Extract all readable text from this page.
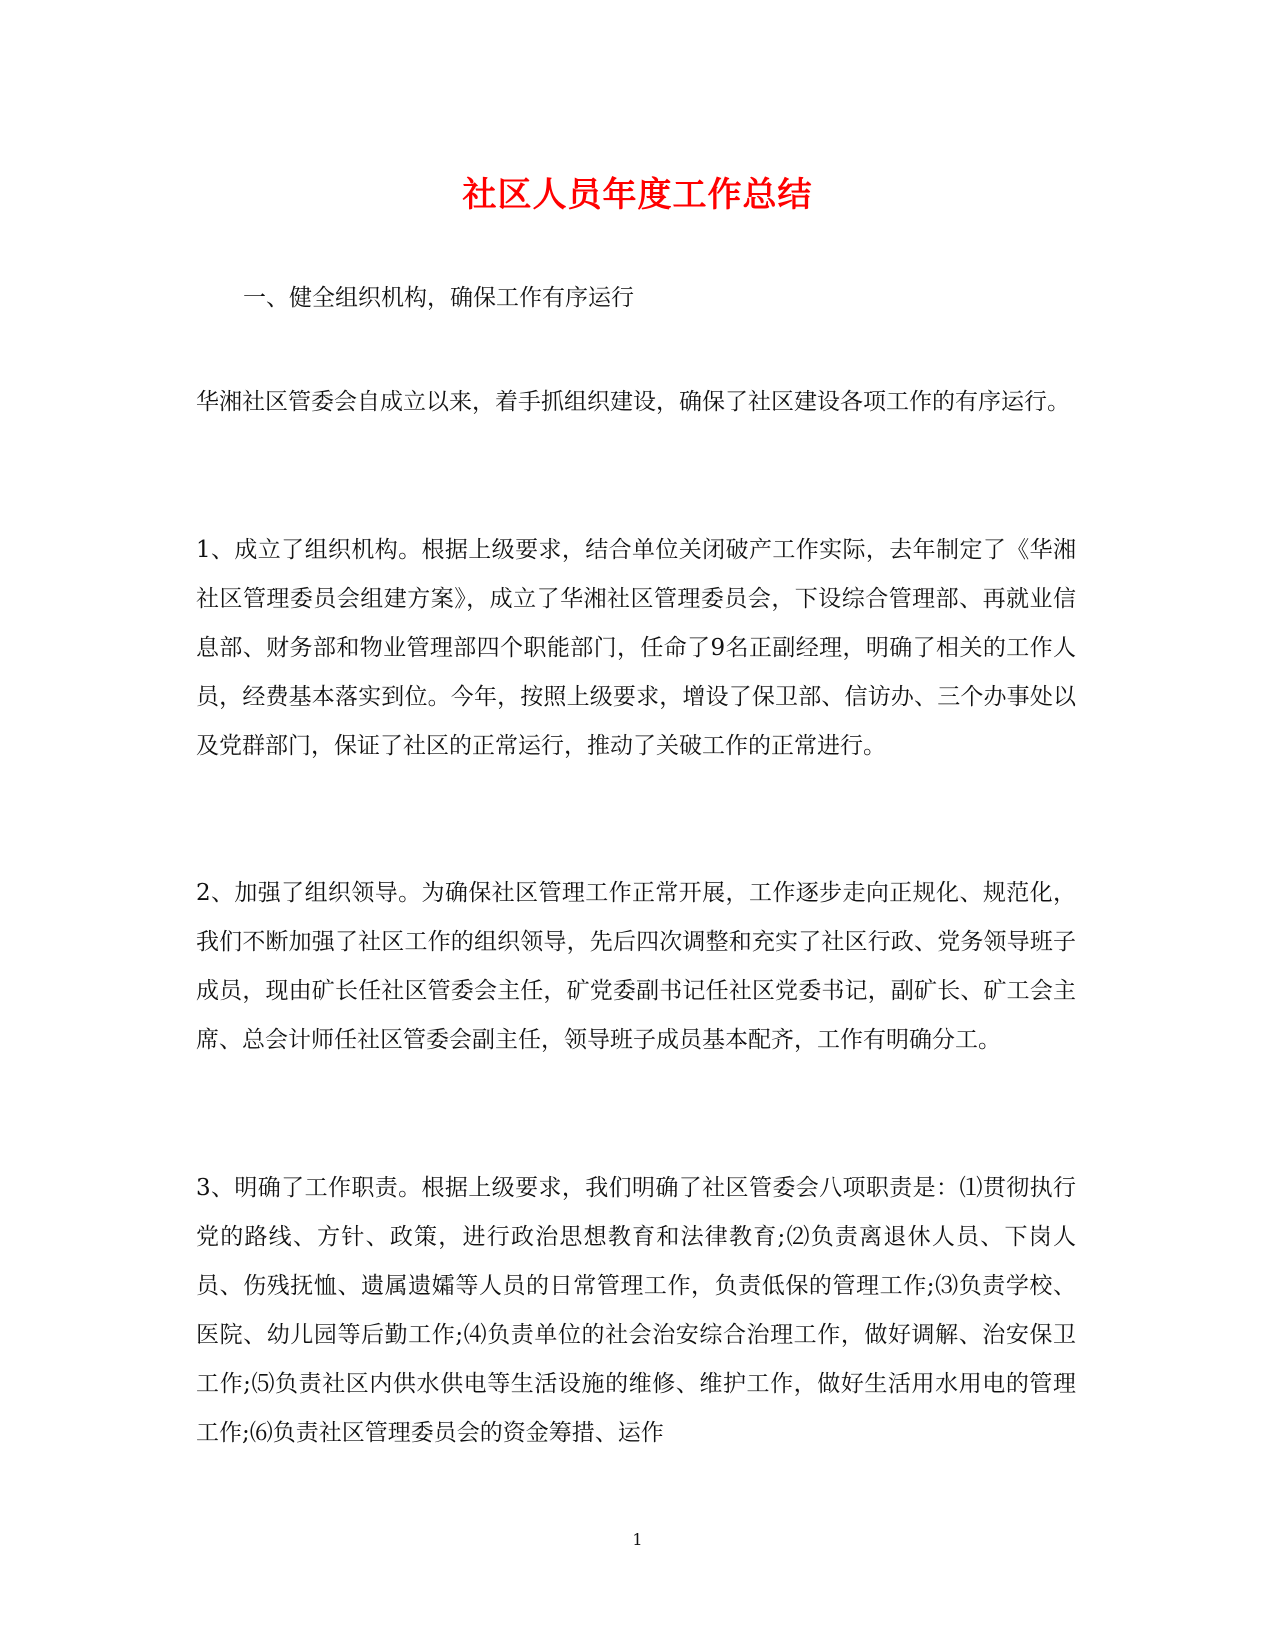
社区人员年度工作总结
一、健全组织机构，确保工作有序运行
华湘社区管委会自成立以来，着手抓组织建设，确保了社区建设各项工作的有序运行。
1、成立了组织机构。根据上级要求，结合单位关闭破产工作实际，去年制定了《华湘社区管理委员会组建方案》，成立了华湘社区管理委员会，下设综合管理部、再就业信息部、财务部和物业管理部四个职能部门，任命了9名正副经理，明确了相关的工作人员，经费基本落实到位。今年，按照上级要求，增设了保卫部、信访办、三个办事处以及党群部门，保证了社区的正常运行，推动了关破工作的正常进行。
2、加强了组织领导。为确保社区管理工作正常开展，工作逐步走向正规化、规范化，我们不断加强了社区工作的组织领导，先后四次调整和充实了社区行政、党务领导班子成员，现由矿长任社区管委会主任，矿党委副书记任社区党委书记，副矿长、矿工会主席、总会计师任社区管委会副主任，领导班子成员基本配齐，工作有明确分工。
3、明确了工作职责。根据上级要求，我们明确了社区管委会八项职责是：⑴贯彻执行党的路线、方针、政策，进行政治思想教育和法律教育;⑵负责离退休人员、下岗人员、伤残抚恤、遗属遗孀等人员的日常管理工作，负责低保的管理工作;⑶负责学校、医院、幼儿园等后勤工作;⑷负责单位的社会治安综合治理工作，做好调解、治安保卫工作;⑸负责社区内供水供电等生活设施的维修、维护工作，做好生活用水用电的管理工作;⑹负责社区管理委员会的资金筹措、运作
1
